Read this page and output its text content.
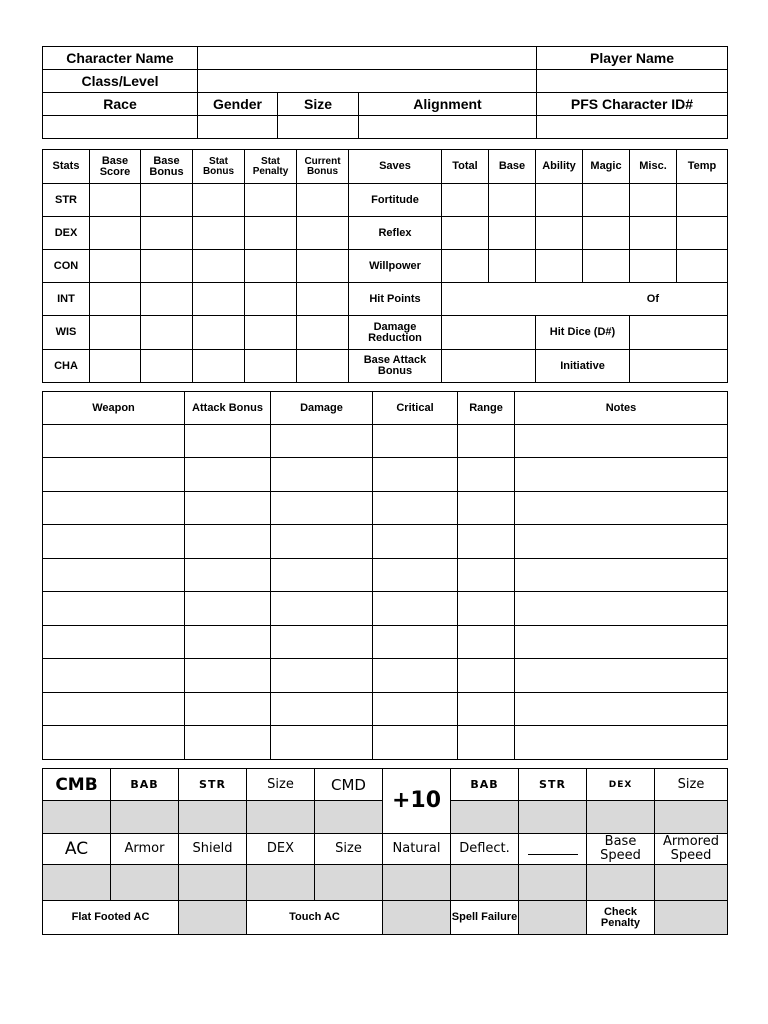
Character Name				Player Name
Class/Level				
Race	Gender	Size	Alignment	PFS Character ID#

Stats	Base Score	Base Bonus	Stat Bonus	Stat Penalty	Current Bonus	Saves	Total	Base	Ability	Magic	Misc.	Temp
STR						Fortitude						
DEX						Reflex						
CON						Willpower						
INT						Hit Points	Of					
WIS						Damage Reduction			Hit Dice (D#)			
CHA						Base Attack Bonus			Initiative			
Weapon	Attack Bonus	Damage	Critical	Range	Notes

CMB	BAB	STR	Size	CMD	+10	BAB	STR	DEX	Size

AC	Armor	Shield	DEX	Size	Natural	Deflect.		Base Speed	Armored Speed

Flat Footed AC			Touch AC			Spell Failure		Check Penalty	
